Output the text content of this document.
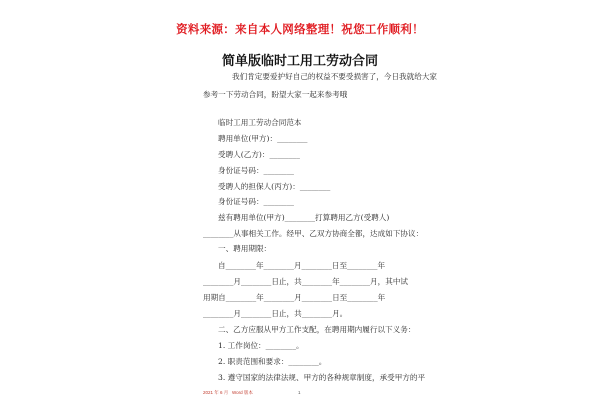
资料来源：来自本人网络整理！祝您工作顺利！
简单版临时工用工劳动合同
我们肯定要爱护好自己的权益不要受损害了，今日我就给大家
参考一下劳动合同，盼望大家一起来参考哦
临时工用工劳动合同范本
聘用单位(甲方)：________
受聘人(乙方)：________
身份证号码：________
受聘人的担保人(丙方)：________
身份证号码：________
兹有聘用单位(甲方)________打算聘用乙方(受聘人)
________从事相关工作。经甲、乙双方协商全都，达成如下协议：
一、聘用期限：
自________年________月________日至________年
________月________日止，共________年________月，其中试
用期自________年________月________日至________年
________月________日止，共________月。
二、乙方应服从甲方工作支配，在聘用期内履行以下义务：
1. 工作岗位：________。
2. 职责范围和要求：________。
3. 遵守国家的法律法规、甲方的各种规章制度，承受甲方的平
2021 年 6 月 Word 版本	1
